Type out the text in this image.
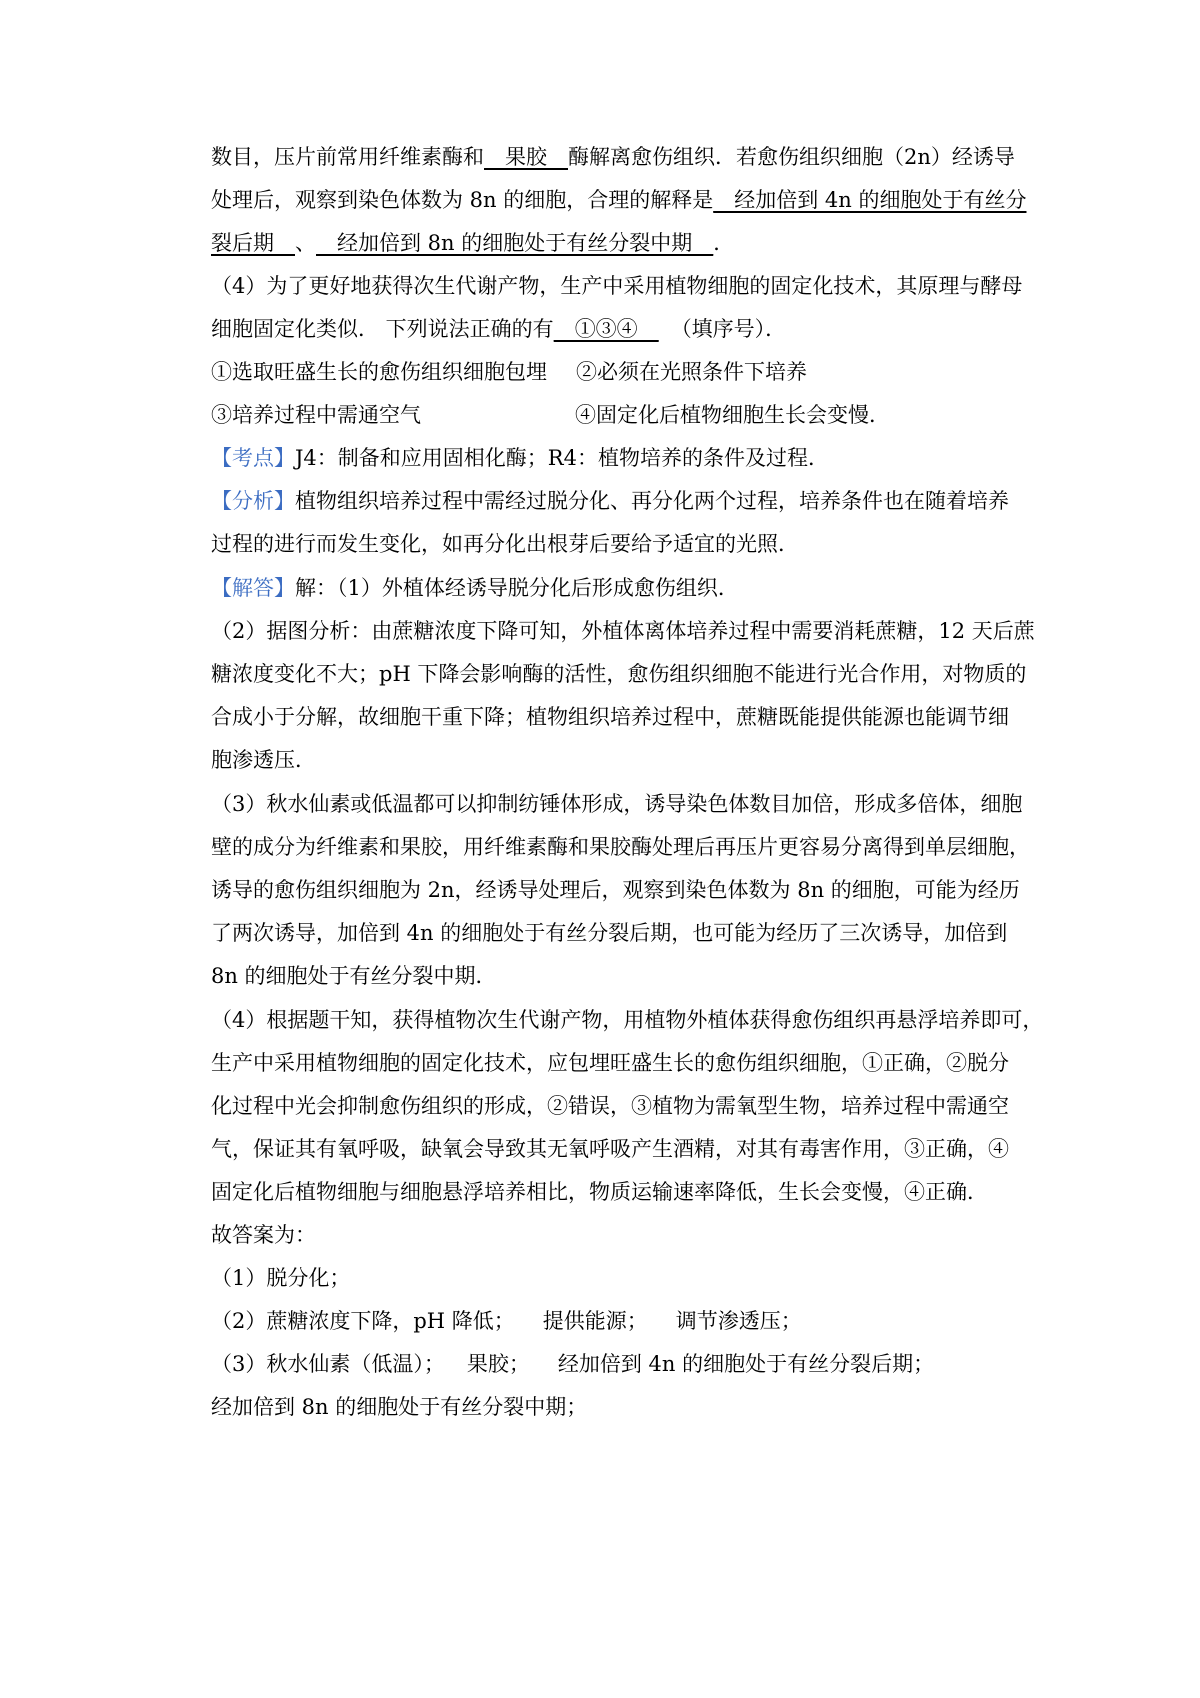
数目，压片前常用纤维素酶和__果胶__酶解离愈伤组织．若愈伤组织细胞（2n）经诱导
处理后，观察到染色体数为 8n 的细胞，合理的解释是__经加倍到 4n 的细胞处于有丝分
裂后期__、__经加倍到 8n 的细胞处于有丝分裂中期__．
（4）为了更好地获得次生代谢产物，生产中采用植物细胞的固定化技术，其原理与酵母
细胞固定化类似． 下列说法正确的有__①③④__ （填序号）．
①选取旺盛生长的愈伤组织细胞包埋 ②必须在光照条件下培养
③培养过程中需通空气	④固定化后植物细胞生长会变慢．
【考点】J4：制备和应用固相化酶；R4：植物培养的条件及过程．
【分析】植物组织培养过程中需经过脱分化、再分化两个过程，培养条件也在随着培养
过程的进行而发生变化，如再分化出根芽后要给予适宜的光照．
【解答】解：（1）外植体经诱导脱分化后形成愈伤组织．
（2）据图分析：由蔗糖浓度下降可知，外植体离体培养过程中需要消耗蔗糖，12 天后蔗
糖浓度变化不大；pH 下降会影响酶的活性，愈伤组织细胞不能进行光合作用，对物质的
合成小于分解，故细胞干重下降；植物组织培养过程中，蔗糖既能提供能源也能调节细
胞渗透压．
（3）秋水仙素或低温都可以抑制纺锤体形成，诱导染色体数目加倍，形成多倍体，细胞
壁的成分为纤维素和果胶，用纤维素酶和果胶酶处理后再压片更容易分离得到单层细胞，
诱导的愈伤组织细胞为 2n，经诱导处理后，观察到染色体数为 8n 的细胞，可能为经历
了两次诱导，加倍到 4n 的细胞处于有丝分裂后期，也可能为经历了三次诱导，加倍到
8n 的细胞处于有丝分裂中期．
（4）根据题干知，获得植物次生代谢产物，用植物外植体获得愈伤组织再悬浮培养即可，
生产中采用植物细胞的固定化技术，应包埋旺盛生长的愈伤组织细胞，①正确，②脱分
化过程中光会抑制愈伤组织的形成，②错误，③植物为需氧型生物，培养过程中需通空
气，保证其有氧呼吸，缺氧会导致其无氧呼吸产生酒精，对其有毒害作用，③正确，④
固定化后植物细胞与细胞悬浮培养相比，物质运输速率降低，生长会变慢，④正确．
故答案为：
（1）脱分化；
（2）蔗糖浓度下降，pH 降低； 提供能源； 调节渗透压；
（3）秋水仙素（低温）； 果胶； 经加倍到 4n 的细胞处于有丝分裂后期；
经加倍到 8n 的细胞处于有丝分裂中期；
